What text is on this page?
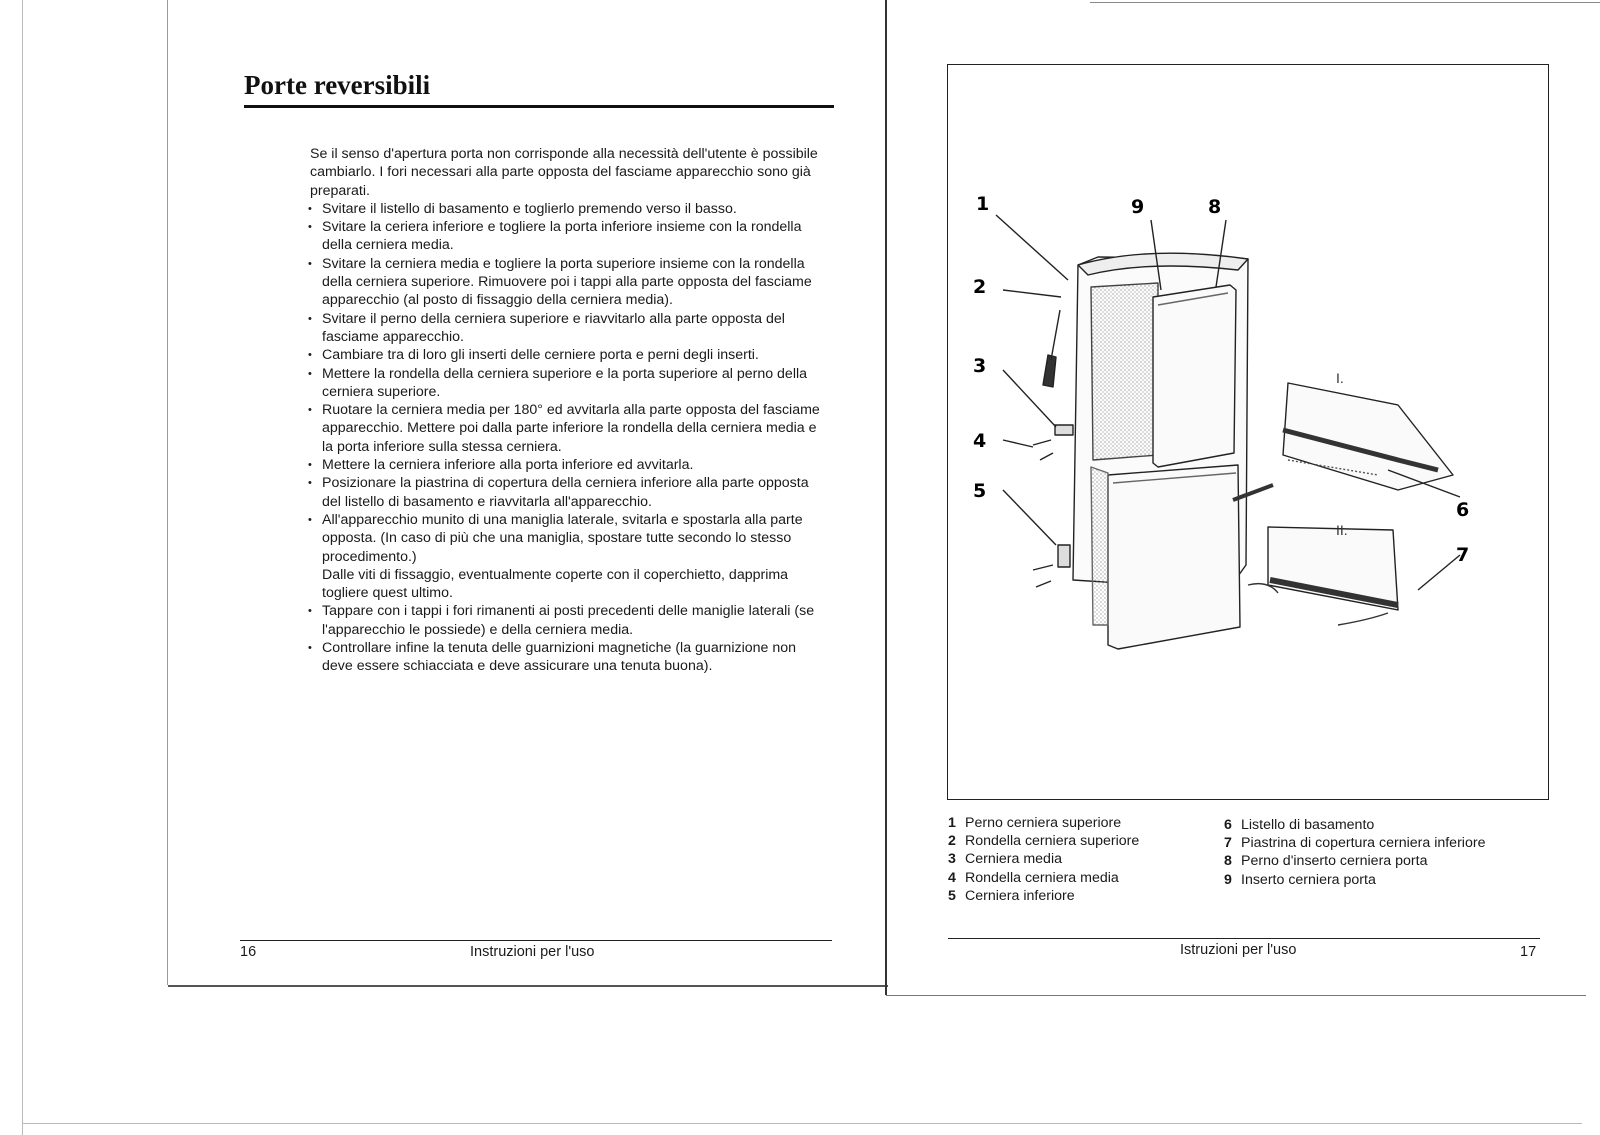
Porte reversibili

Se il senso d'apertura porta non corrisponde alla necessità dell'utente è possibile cambiarlo. I fori necessari alla parte opposta del fasciame apparecchio sono già preparati.

• Svitare il listello di basamento e toglierlo premendo verso il basso.
• Svitare la ceriera inferiore e togliere la porta inferiore insieme con la rondella della cerniera media.
• Svitare la cerniera media e togliere la porta superiore insieme con la rondella della cerniera superiore. Rimuovere poi i tappi alla parte opposta del fasciame apparecchio (al posto di fissaggio della cerniera media).
• Svitare il perno della cerniera superiore e riavvitarlo alla parte opposta del fasciame apparecchio.
• Cambiare tra di loro gli inserti delle cerniere porta e perni degli inserti.
• Mettere la rondella della cerniera superiore e la porta superiore al perno della cerniera superiore.
• Ruotare la cerniera media per 180° ed avvitarla alla parte opposta del fasciame apparecchio. Mettere poi dalla parte inferiore la rondella della cerniera media e la porta inferiore sulla stessa cerniera.
• Mettere la cerniera inferiore alla porta inferiore ed avvitarla.
• Posizionare la piastrina di copertura della cerniera inferiore alla parte opposta del listello di basamento e riavvitarla all'apparecchio.
• All'apparecchio munito di una maniglia laterale, svitarla e spostarla alla parte opposta. (In caso di più che una maniglia, spostare tutte secondo lo stesso procedimento.)
Dalle viti di fissaggio, eventualmente coperte con il coperchietto, dapprima togliere quest ultimo.
• Tappare con i tappi i fori rimanenti ai posti precedenti delle maniglie laterali (se l'apparecchio le possiede) e della cerniera media.
• Controllare infine la tenuta delle guarnizioni magnetiche (la guarnizione non deve essere schiacciata e deve assicurare una tenuta buona).
16	Instruzioni per l'uso
1
2
3
4
5
6
7
8
9
I.
II.
1 Perno cerniera superiore
2 Rondella cerniera superiore
3 Cerniera media
4 Rondella cerniera media
5 Cerniera inferiore
6 Listello di basamento
7 Piastrina di copertura cerniera inferiore
8 Perno d'inserto cerniera porta
9 Inserto cerniera porta
Istruzioni per l'uso	17
